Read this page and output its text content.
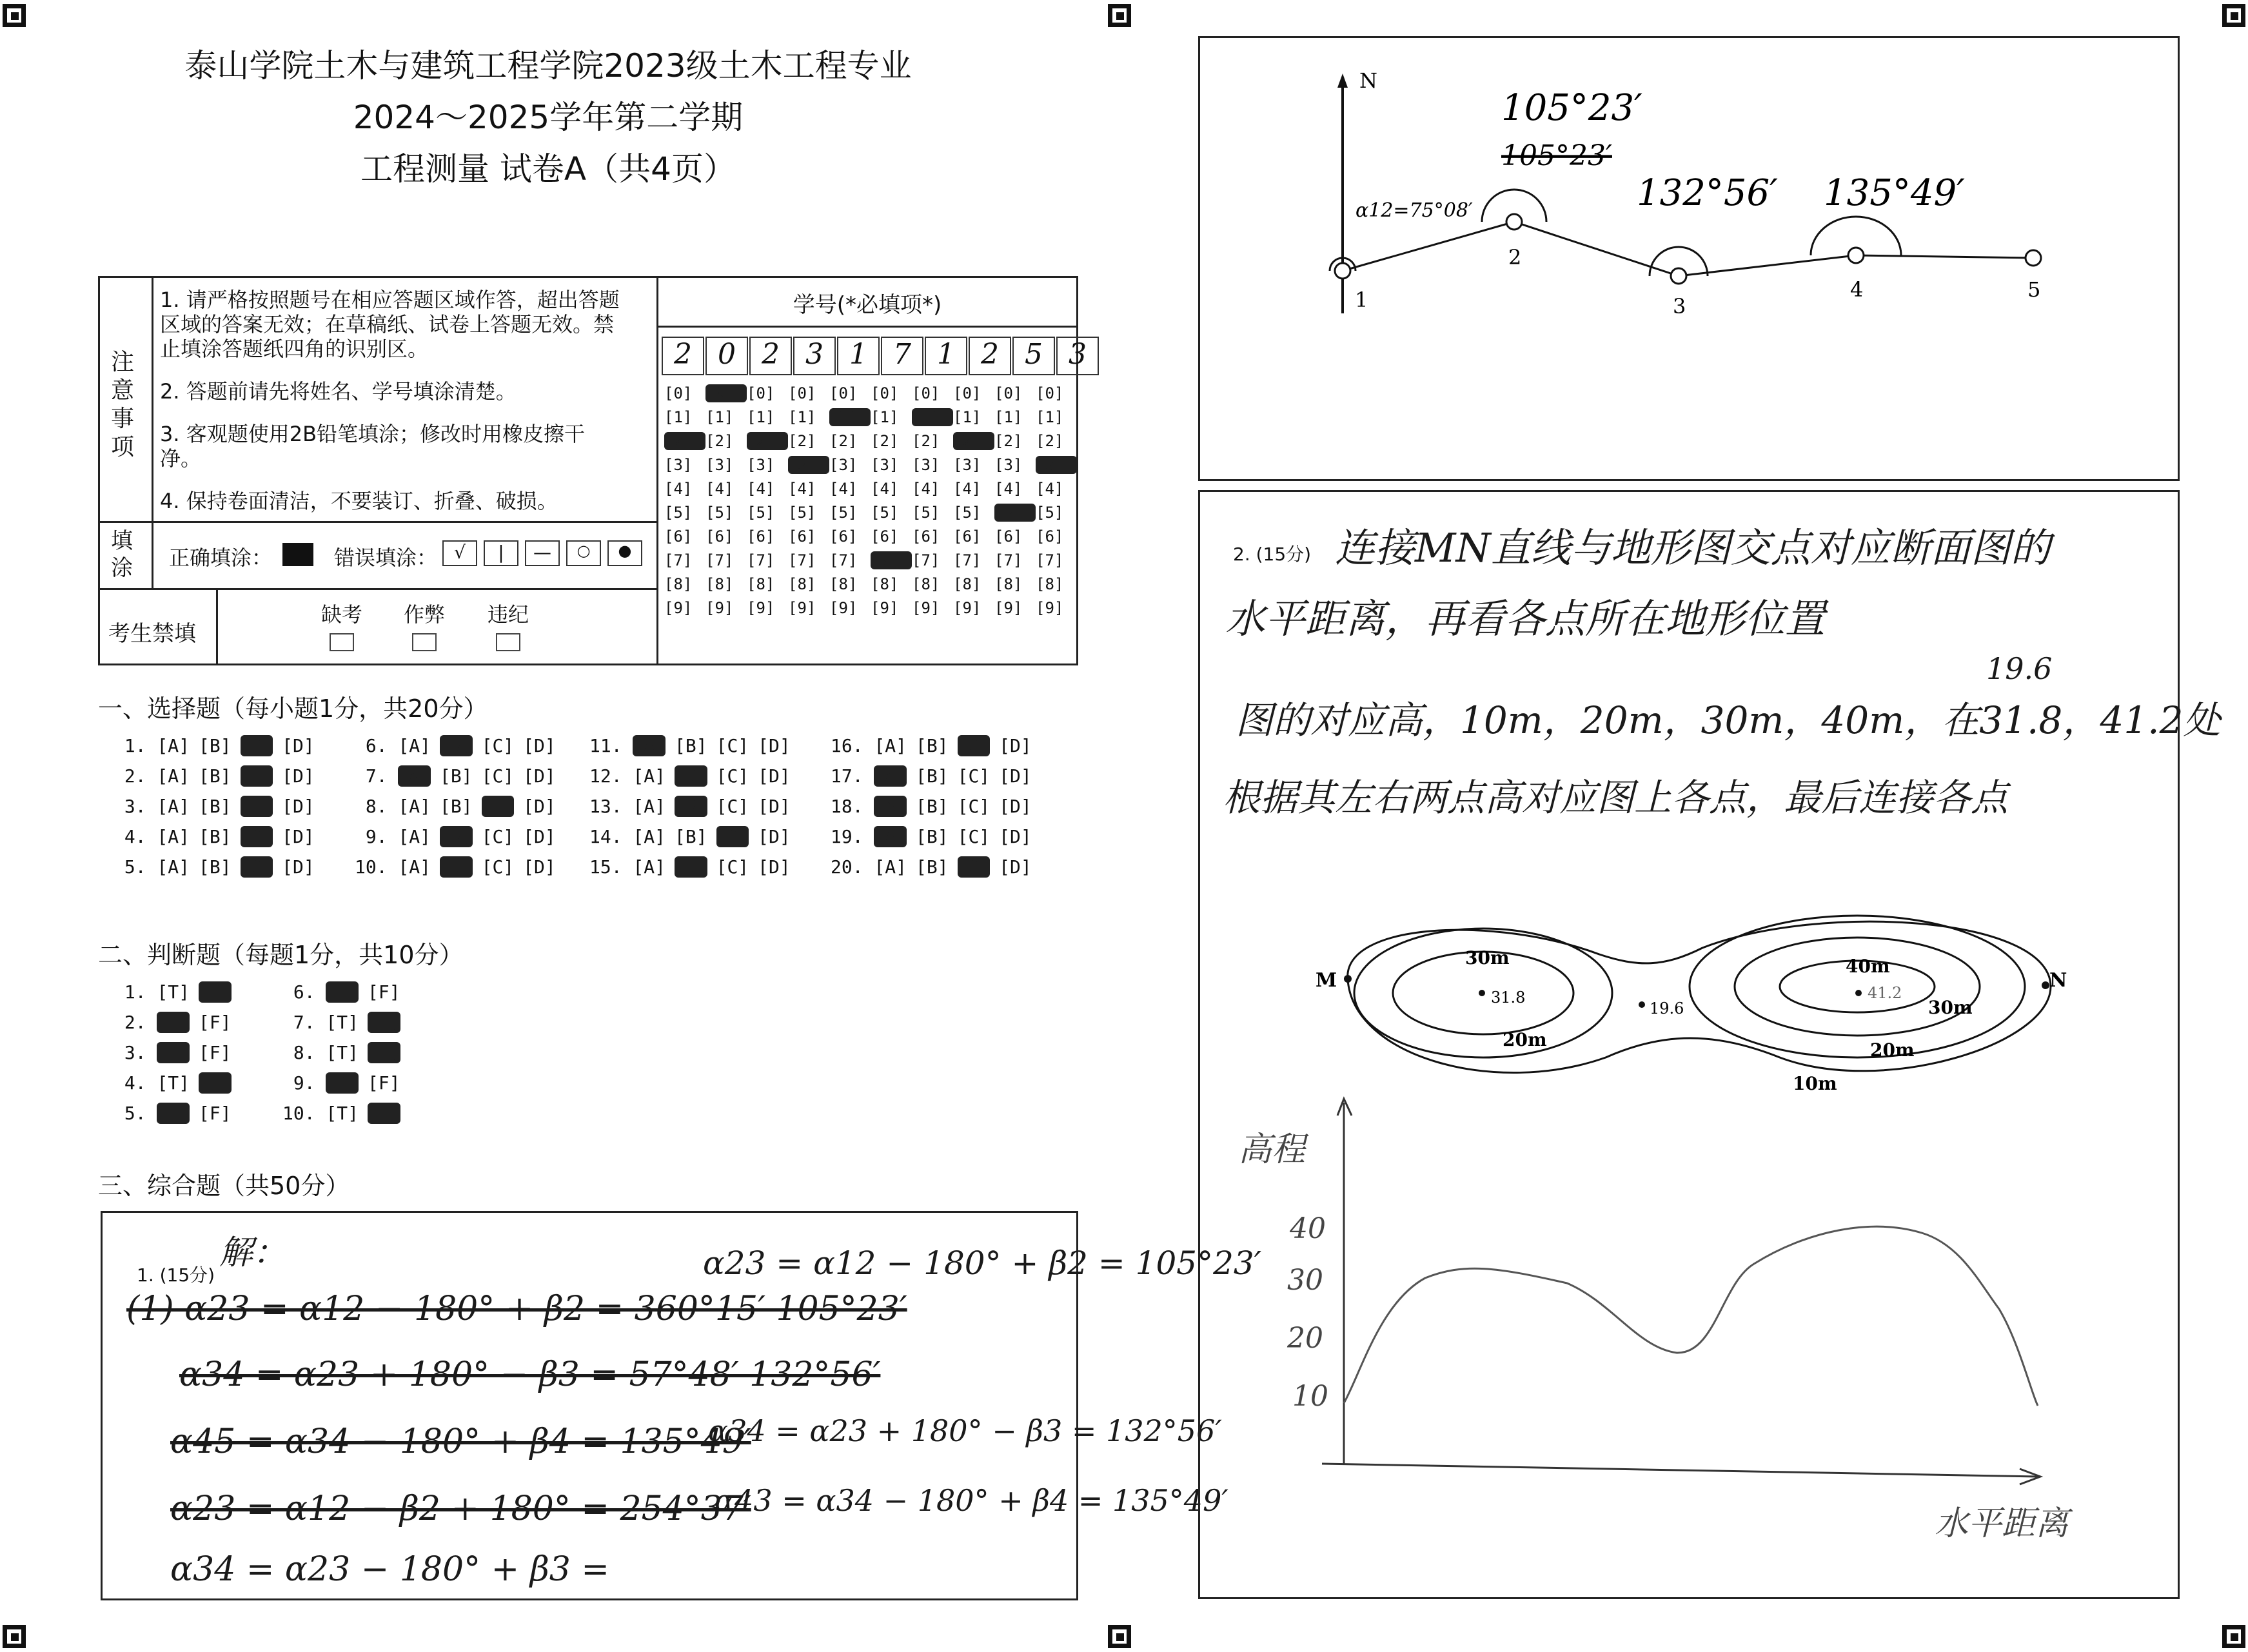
泰山学院土木与建筑工程学院2023级土木工程专业
2024～2025学年第二学期
工程测量 试卷A（共4页）
注意事项
1. 请严格按照题号在相应答题区域作答，超出答题区域的答案无效；在草稿纸、试卷上答题无效。禁止填涂答题纸四角的识别区。
2. 答题前请先将姓名、学号填涂清楚。
3. 客观题使用2B铅笔填涂；修改时用橡皮擦干净。
4. 保持卷面清洁，不要装订、折叠、破损。
填涂	正确填涂：	错误填涂： √	|	—	○	●
考生禁填
缺考 作弊 违纪
学号(*必填项*)
2 0 2 3 1 7 1 2 5 3
[0] [0] [0] [0] [0] [0] [0] [0] [0] [0]
[1] [1] [1] [1] [1] [1] [1] [1] [1] [1]
[2] [2] [2] [2] [2] [2] [2] [2] [2] [2]
[3] [3] [3] [3] [3] [3] [3] [3] [3] [3]
[4] [4] [4] [4] [4] [4] [4] [4] [4] [4]
[5] [5] [5] [5] [5] [5] [5] [5] [5] [5]
[6] [6] [6] [6] [6] [6] [6] [6] [6] [6]
[7] [7] [7] [7] [7] [7] [7] [7] [7] [7]
[8] [8] [8] [8] [8] [8] [8] [8] [8] [8]
[9] [9] [9] [9] [9] [9] [9] [9] [9] [9]
一、选择题（每小题1分，共20分）
1. [A] [B] [C] [D]
2. [A] [B] [C] [D]
3. [A] [B] [C] [D]
4. [A] [B] [C] [D]
5. [A] [B] [C] [D]
6. [A] [B] [C] [D]
7. [A] [B] [C] [D]
8. [A] [B] [C] [D]
9. [A] [B] [C] [D]
10. [A] [B] [C] [D]
11. [A] [B] [C] [D]
12. [A] [B] [C] [D]
13. [A] [B] [C] [D]
14. [A] [B] [C] [D]
15. [A] [B] [C] [D]
16. [A] [B] [C] [D]
17. [A] [B] [C] [D]
18. [A] [B] [C] [D]
19. [A] [B] [C] [D]
20. [A] [B] [C] [D]
二、判断题（每题1分，共10分）
1. [T] [F]
2. [T] [F]
3. [T] [F]
4. [T] [F]
5. [T] [F]
6. [T] [F]
7. [T] [F]
8. [T] [F]
9. [T] [F]
10. [T] [F]
三、综合题（共50分）
1. (15分)
解：
(1) α23 = α12 − 180° + β2 = 360°15′ 105°23′
α34 = α23 + 180° − β3 = 57°48′ 132°56′
α45 = α34 − 180° + β4 = 135°49′
α23 = α12 − β2 + 180° = 254°37′
α34 = α23 − 180° + β3 =
α23 = α12 − 180° + β2 = 105°23′
α34 = α23 + 180° − β3 = 132°56′
α43 = α34 − 180° + β4 = 135°49′
N
α12=75°08′
1
2
3
4	5
105°23′
105°23′
132°56′ 135°49′
2. (15分) 连接MN直线与地形图交点对应断面图的
水平距离，再看各点所在地形位置
19.6
图的对应高，10m，20m，30m，40m，在31.8，41.2处
根据其左右两点高对应图上各点，最后连接各点
M	N
30m	40m
20m	20m
30m
10m
31.8
19.6
41.2
高程
40
30
20
10
水平距离
